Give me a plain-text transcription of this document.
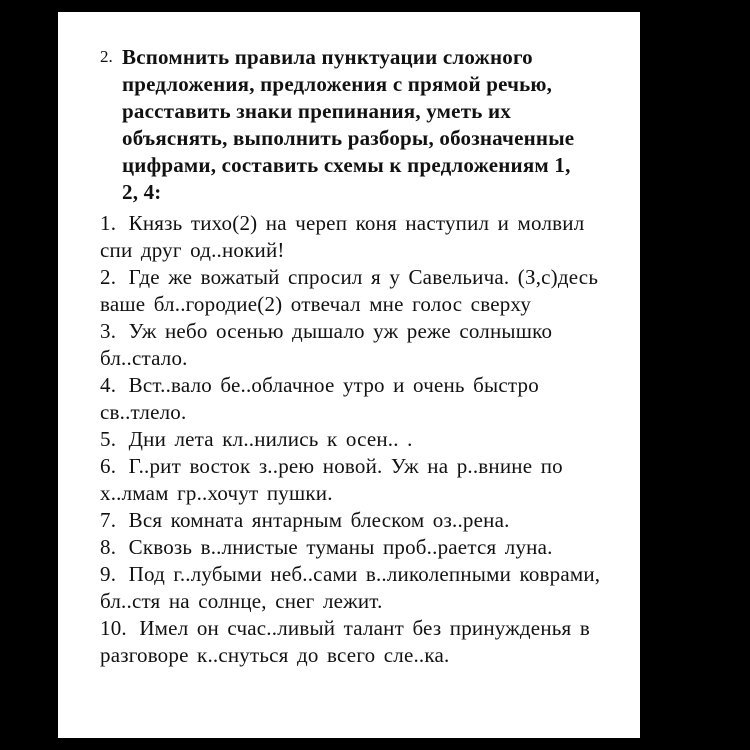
2. Вспомнить правила пунктуации сложного предложения, предложения с прямой речью, расставить знаки препинания, уметь их объяснять, выполнить разборы, обозначенные цифрами, составить схемы к предложениям 1, 2, 4:
1. Князь тихо(2) на череп коня наступил и молвил спи друг од..нокий!
2. Где же вожатый спросил я у Савельича. (З,с)десь ваше бл..городие(2) отвечал мне голос сверху
3. Уж небо осенью дышало уж реже солнышко бл..стало.
4. Вст..вало бе..облачное утро и очень быстро св..тлело.
5. Дни лета кл..нились к осен.. .
6. Г..рит восток з..рею новой. Уж на р..внине по х..лмам гр..хочут пушки.
7. Вся комната янтарным блеском оз..рена.
8. Сквозь в..лнистые туманы проб..рается луна.
9. Под г..лубыми неб..сами в..ликолепными коврами, бл..стя на солнце, снег лежит.
10. Имел он счас..ливый талант без принужденья в разговоре к..снуться до всего сле..ка.
